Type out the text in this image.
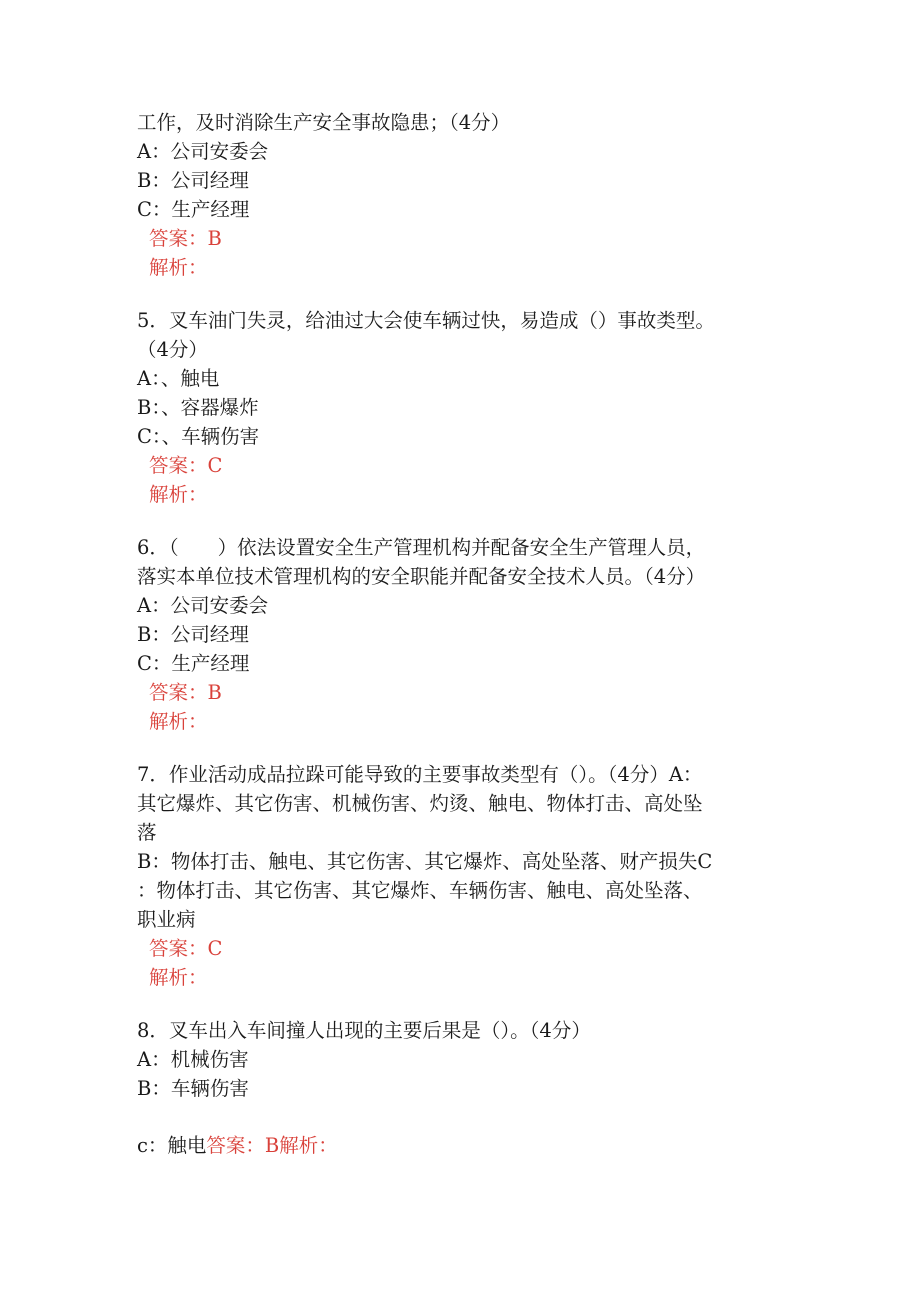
工作，及时消除生产安全事故隐患；（4分）
A：公司安委会
B：公司经理
C：生产经理
答案：B
解析：
5．叉车油门失灵，给油过大会使车辆过快，易造成（）事故类型。
（4分）
A：、触电
B：、容器爆炸
C：、车辆伤害
答案：C
解析：
6．（　　）依法设置安全生产管理机构并配备安全生产管理人员，
落实本单位技术管理机构的安全职能并配备安全技术人员。（4分）
A：公司安委会
B：公司经理
C：生产经理
答案：B
解析：
7．作业活动成品拉跺可能导致的主要事故类型有（）。（4分）A：
其它爆炸、其它伤害、机械伤害、灼烫、触电、物体打击、高处坠
落
B：物体打击、触电、其它伤害、其它爆炸、高处坠落、财产损失C
：物体打击、其它伤害、其它爆炸、车辆伤害、触电、高处坠落、
职业病
答案：C
解析：
8．叉车出入车间撞人出现的主要后果是（）。（4分）
A：机械伤害
B：车辆伤害
c：触电答案：B解析：
